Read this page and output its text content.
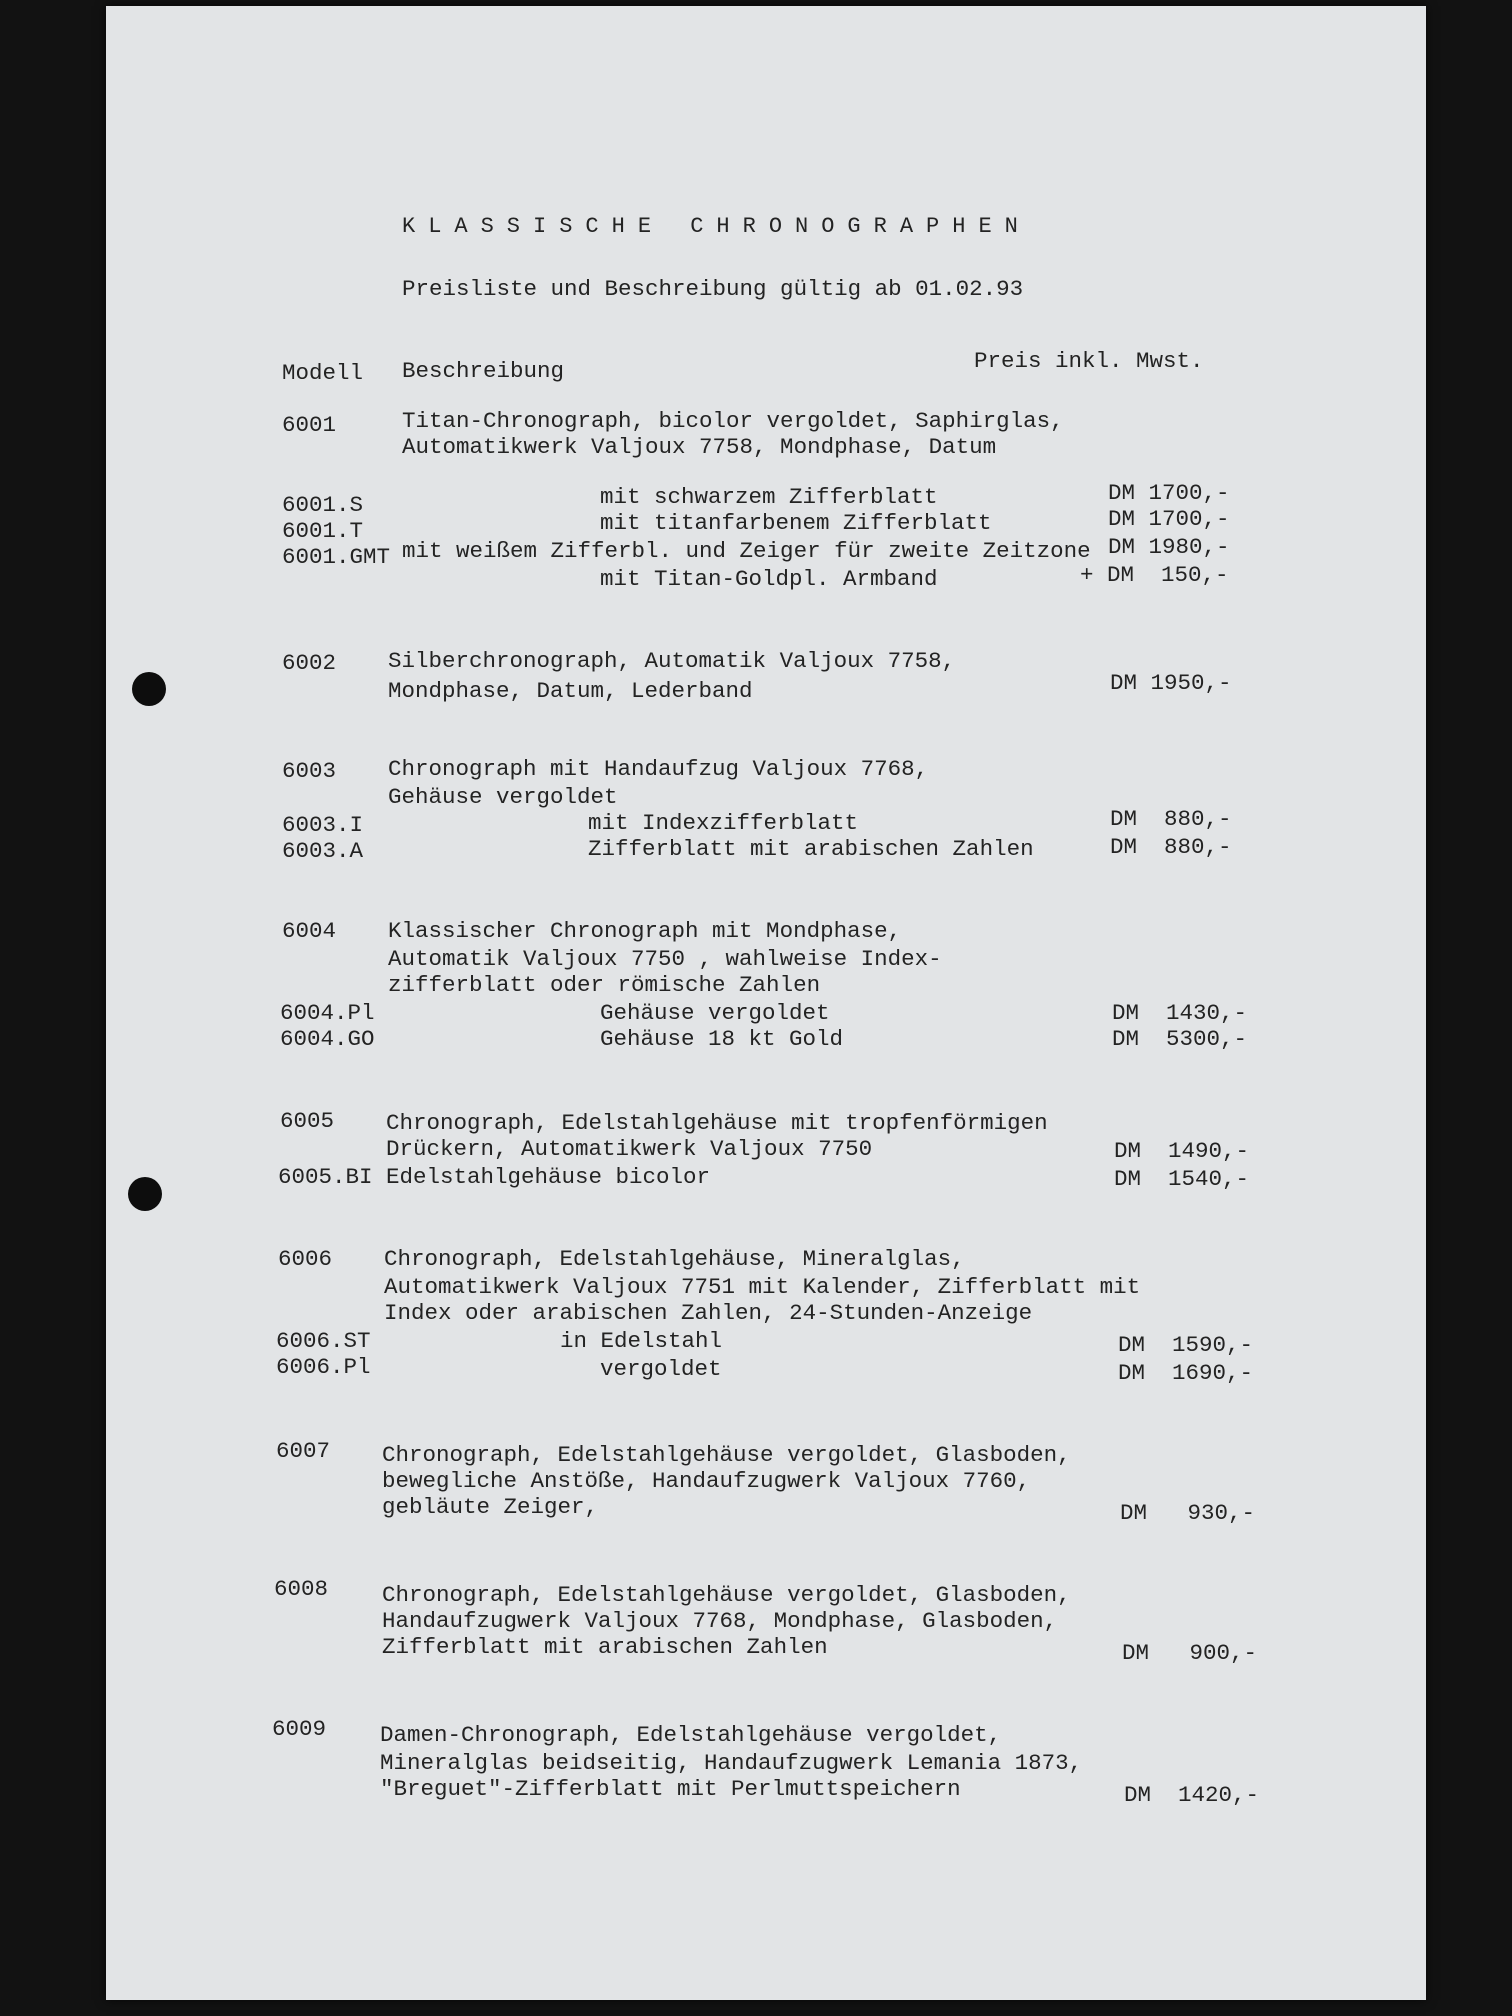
KLASSISCHE CHRONOGRAPHEN
Preisliste und Beschreibung gültig ab 01.02.93
Modell Beschreibung	Preis inkl. Mwst.
6001	Titan-Chronograph, bicolor vergoldet, Saphirglas,
Automatikwerk Valjoux 7758, Mondphase, Datum
6001.S	mit schwarzem Zifferblatt	DM 1700,-
6001.T	mit titanfarbenem Zifferblatt	DM 1700,-
6001.GMT mit weißem Zifferbl. und Zeiger für zweite Zeitzone DM 1980,-
mit Titan-Goldpl. Armband	+ DM  150,-
6002 Silberchronograph, Automatik Valjoux 7758,
Mondphase, Datum, Lederband	DM 1950,-
6003 Chronograph mit Handaufzug Valjoux 7768,
Gehäuse vergoldet
6003.I	mit Indexzifferblatt	DM  880,-
6003.A	Zifferblatt mit arabischen Zahlen	DM  880,-
6004 Klassischer Chronograph mit Mondphase,
Automatik Valjoux 7750 , wahlweise Index-
zifferblatt oder römische Zahlen
6004.Pl	Gehäuse vergoldet	DM  1430,-
6004.GO	Gehäuse 18 kt Gold	DM  5300,-
6005 Chronograph, Edelstahlgehäuse mit tropfenförmigen
Drückern, Automatikwerk Valjoux 7750	DM  1490,-
6005.BI Edelstahlgehäuse bicolor	DM  1540,-
6006 Chronograph, Edelstahlgehäuse, Mineralglas,
Automatikwerk Valjoux 7751 mit Kalender, Zifferblatt mit
Index oder arabischen Zahlen, 24-Stunden-Anzeige
6006.ST	in Edelstahl	DM  1590,-
6006.Pl	vergoldet	DM  1690,-
6007 Chronograph, Edelstahlgehäuse vergoldet, Glasboden,
bewegliche Anstöße, Handaufzugwerk Valjoux 7760,
gebläute Zeiger,	DM   930,-
6008 Chronograph, Edelstahlgehäuse vergoldet, Glasboden,
Handaufzugwerk Valjoux 7768, Mondphase, Glasboden,
Zifferblatt mit arabischen Zahlen	DM   900,-
6009 Damen-Chronograph, Edelstahlgehäuse vergoldet,
Mineralglas beidseitig, Handaufzugwerk Lemania 1873,
"Breguet"-Zifferblatt mit Perlmuttspeichern	DM  1420,-
